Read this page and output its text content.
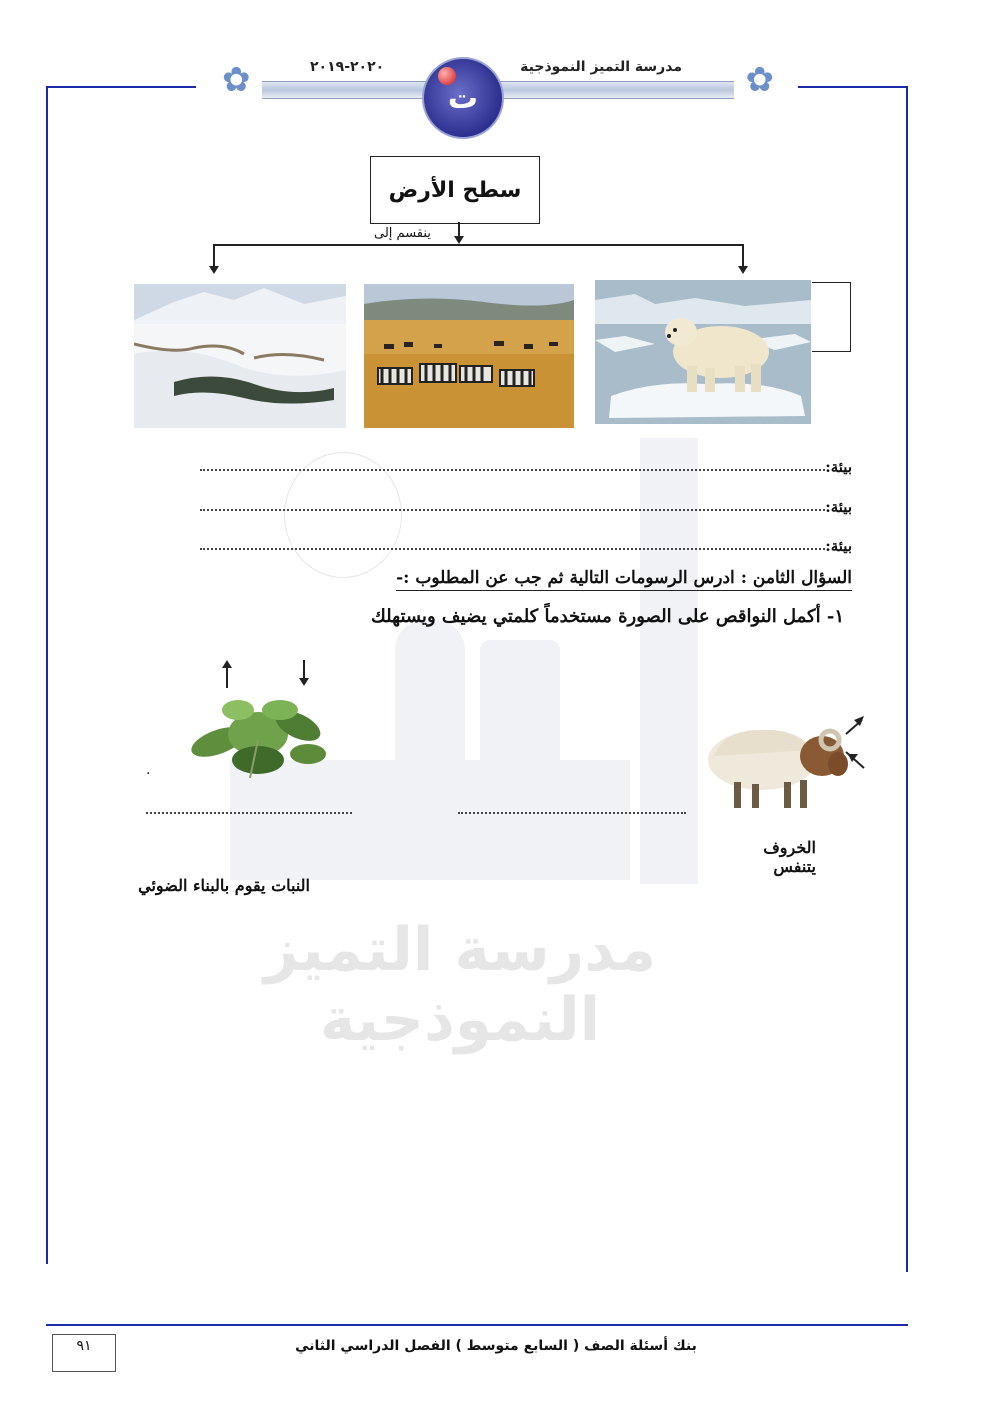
مدرسة التميز النموذجية
✿	✿
مدرسة التميز النموذجية
٢٠٢٠-٢٠١٩
ت
سطح الأرض
ينقسم إلى
بيئة:
بيئة:
بيئة:
السؤال الثامن : ادرس الرسومات التالية ثم جب عن المطلوب :-
١- أكمل النواقص على الصورة مستخدماً كلمتي يضيف ويستهلك
.
الخروف يتنفس
النبات يقوم بالبناء الضوئي
٩١	بنك أسئلة الصف ( السابع متوسط ) الفصل الدراسي الثاني
